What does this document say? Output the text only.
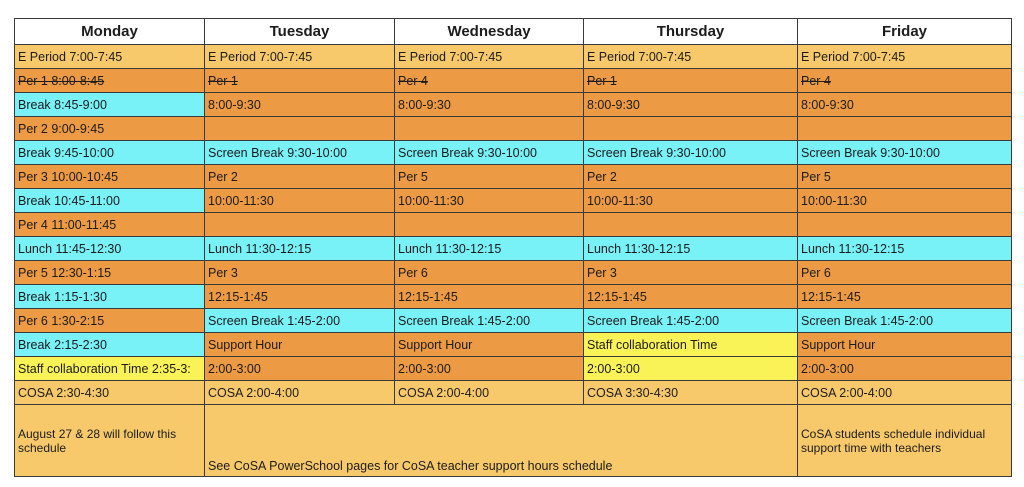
Monday	Tuesday	Wednesday	Thursday	Friday
E Period 7:00-7:45	E Period 7:00-7:45	E Period 7:00-7:45	E Period 7:00-7:45	E Period 7:00-7:45
Per 1 8:00-8:45	Per 1	Per 4	Per 1	Per 4
Break 8:45-9:00	8:00-9:30	8:00-9:30	8:00-9:30	8:00-9:30
Per 2 9:00-9:45				
Break 9:45-10:00	Screen Break 9:30-10:00	Screen Break 9:30-10:00	Screen Break 9:30-10:00	Screen Break 9:30-10:00
Per 3 10:00-10:45	Per 2	Per 5	Per 2	Per 5
Break 10:45-11:00	10:00-11:30	10:00-11:30	10:00-11:30	10:00-11:30
Per 4 11:00-11:45				
Lunch 11:45-12:30	Lunch 11:30-12:15	Lunch 11:30-12:15	Lunch 11:30-12:15	Lunch 11:30-12:15
Per 5 12:30-1:15	Per 3	Per 6	Per 3	Per 6
Break 1:15-1:30	12:15-1:45	12:15-1:45	12:15-1:45	12:15-1:45
Per 6 1:30-2:15	Screen Break 1:45-2:00	Screen Break 1:45-2:00	Screen Break 1:45-2:00	Screen Break 1:45-2:00
Break 2:15-2:30	Support Hour	Support Hour	Staff collaboration Time	Support Hour
Staff collaboration Time 2:35-3:	2:00-3:00	2:00-3:00	2:00-3:00	2:00-3:00
COSA 2:30-4:30	COSA 2:00-4:00	COSA 2:00-4:00	COSA 3:30-4:30	COSA 2:00-4:00
August 27 & 28 will follow this schedule	See CoSA PowerSchool pages for CoSA teacher support hours schedule			CoSA students schedule individual support time with teachers
